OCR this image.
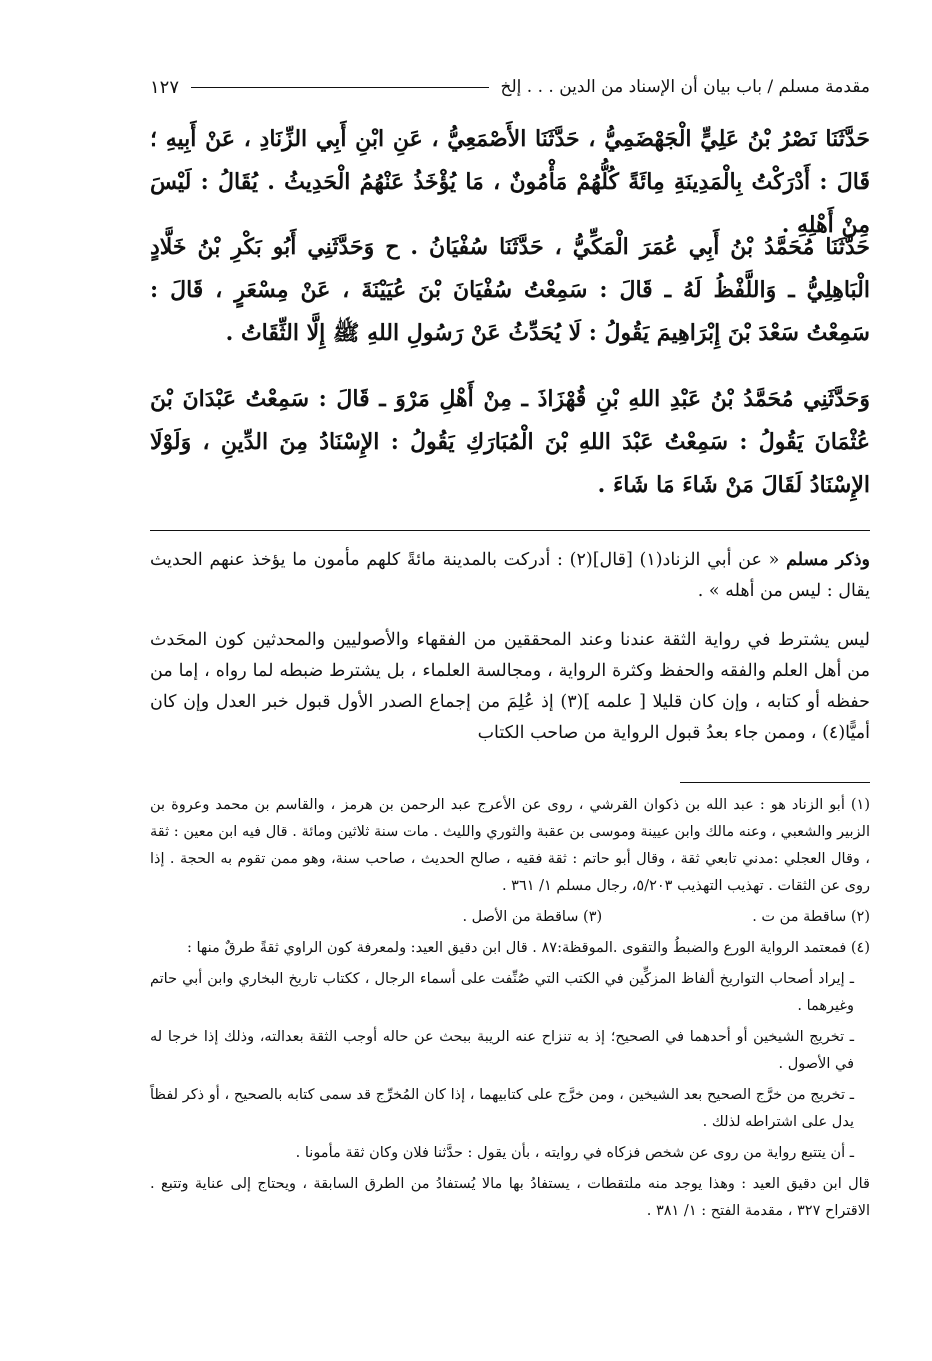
مقدمة مسلم / باب بيان أن الإسناد من الدين . . . إلخ
١٢٧
حَدَّثَنَا نَصْرُ بْنُ عَلِيٍّ الْجَهْضَمِيُّ ، حَدَّثَنَا الأَصْمَعِيُّ ، عَنِ ابْنِ أَبِي الزِّنَادِ ، عَنْ أَبِيهِ ؛ قَالَ : أَدْرَكْتُ بِالْمَدِينَةِ مِائَةً كُلُّهُمْ مَأْمُونٌ ، مَا يُؤْخَذُ عَنْهُمُ الْحَدِيثُ . يُقَالُ : لَيْسَ مِنْ أَهْلِهِ .
حَدَّثَنَا مُحَمَّدُ بْنُ أَبِي عُمَرَ الْمَكِّيُّ ، حَدَّثَنَا سُفْيَانُ . ح وَحَدَّثَنِي أَبُو بَكْرِ بْنُ خَلَّادٍ الْبَاهِلِيُّ ـ وَاللَّفْظُ لَهُ ـ قَالَ : سَمِعْتُ سُفْيَانَ بْنَ عُيَيْنَةَ ، عَنْ مِسْعَرٍ ، قَالَ : سَمِعْتُ سَعْدَ بْنَ إِبْرَاهِيمَ يَقُولُ : لَا يُحَدِّثُ عَنْ رَسُولِ اللهِ ﷺ إِلَّا الثِّقَاتُ .
وَحَدَّثَنِي مُحَمَّدُ بْنُ عَبْدِ اللهِ بْنِ قُهْزَاذَ ـ مِنْ أَهْلِ مَرْوَ ـ قَالَ : سَمِعْتُ عَبْدَانَ بْنَ عُثْمَانَ يَقُولُ : سَمِعْتُ عَبْدَ اللهِ بْنَ الْمُبَارَكِ يَقُولُ : الإِسْنَادُ مِنَ الدِّينِ ، وَلَوْلَا الإِسْنَادُ لَقَالَ مَنْ شَاءَ مَا شَاءَ .
وذكر مسلم « عن أبي الزناد(١) [قال](٢) : أدركت بالمدينة مائةً كلهم مأمون ما يؤخذ عنهم الحديث يقال : ليس من أهله » .
ليس يشترط في رواية الثقة عندنا وعند المحققين من الفقهاء والأصوليين والمحدثين كون المحَدث من أهل العلم والفقه والحفظ وكثرة الرواية ، ومجالسة العلماء ، بل يشترط ضبطه لما رواه ، إما من حفظه أو كتابه ، وإن كان قليلا [ علمه ](٣) إذ عُلِمَ من إجماع الصدر الأول قبول خبر العدل وإن كان أميًّا(٤) ، وممن جاء بعدُ قبول الرواية من صاحب الكتاب
(١) أبو الزناد هو : عبد الله بن ذكوان القرشي ، روى عن الأعرج عبد الرحمن بن هرمز ، والقاسم بن محمد وعروة بن الزبير والشعبي ، وعنه مالك وابن عيينة وموسى بن عقبة والثوري والليث . مات سنة ثلاثين ومائة . قال فيه ابن معين : ثقة ، وقال العجلي :مدني تابعي ثقة ، وقال أبو حاتم : ثقة فقيه ، صالح الحديث ، صاحب سنة، وهو ممن تقوم به الحجة . إذا روى عن الثقات . تهذيب التهذيب ٥/٢٠٣، رجال مسلم ١/ ٣٦١ .
(٢) ساقطة من ت .
(٣) ساقطة من الأصل .
(٤) فمعتمد الرواية الورع والضبطُ والتقوى .الموقظة:٨٧ . قال ابن دقيق العيد: ولمعرفة كون الراوي ثقةً طرقٌ منها :
ـ إيراد أصحاب التواريخ ألفاظ المزكِّين في الكتب التي صُنِّفت على أسماء الرجال ، ككتاب تاريخ البخاري وابن أبي حاتم وغيرهما .
ـ تخريج الشيخين أو أحدهما في الصحيح؛ إذ به تنزاح عنه الريبة ببحث عن حاله أوجب الثقة بعدالته، وذلك إذا خرجا له في الأصول .
ـ تخريج من خرَّج الصحيح بعد الشيخين ، ومن خرَّج على كتابيهما ، إذا كان المُخرِّج قد سمى كتابه بالصحيح ، أو ذكر لفظاً يدل على اشتراطه لذلك .
ـ أن يتتبع رواية من روى عن شخص فزكاه في روايته ، بأن يقول : حدَّثنا فلان وكان ثقة مأمونا .
قال ابن دقيق العيد : وهذا يوجد منه ملتقطات ، يستفادُ بها مالا يُستفادُ من الطرق السابقة ، ويحتاج إلى عناية وتتبع . الاقتراح ٣٢٧ ، مقدمة الفتح : ١/ ٣٨١ .
